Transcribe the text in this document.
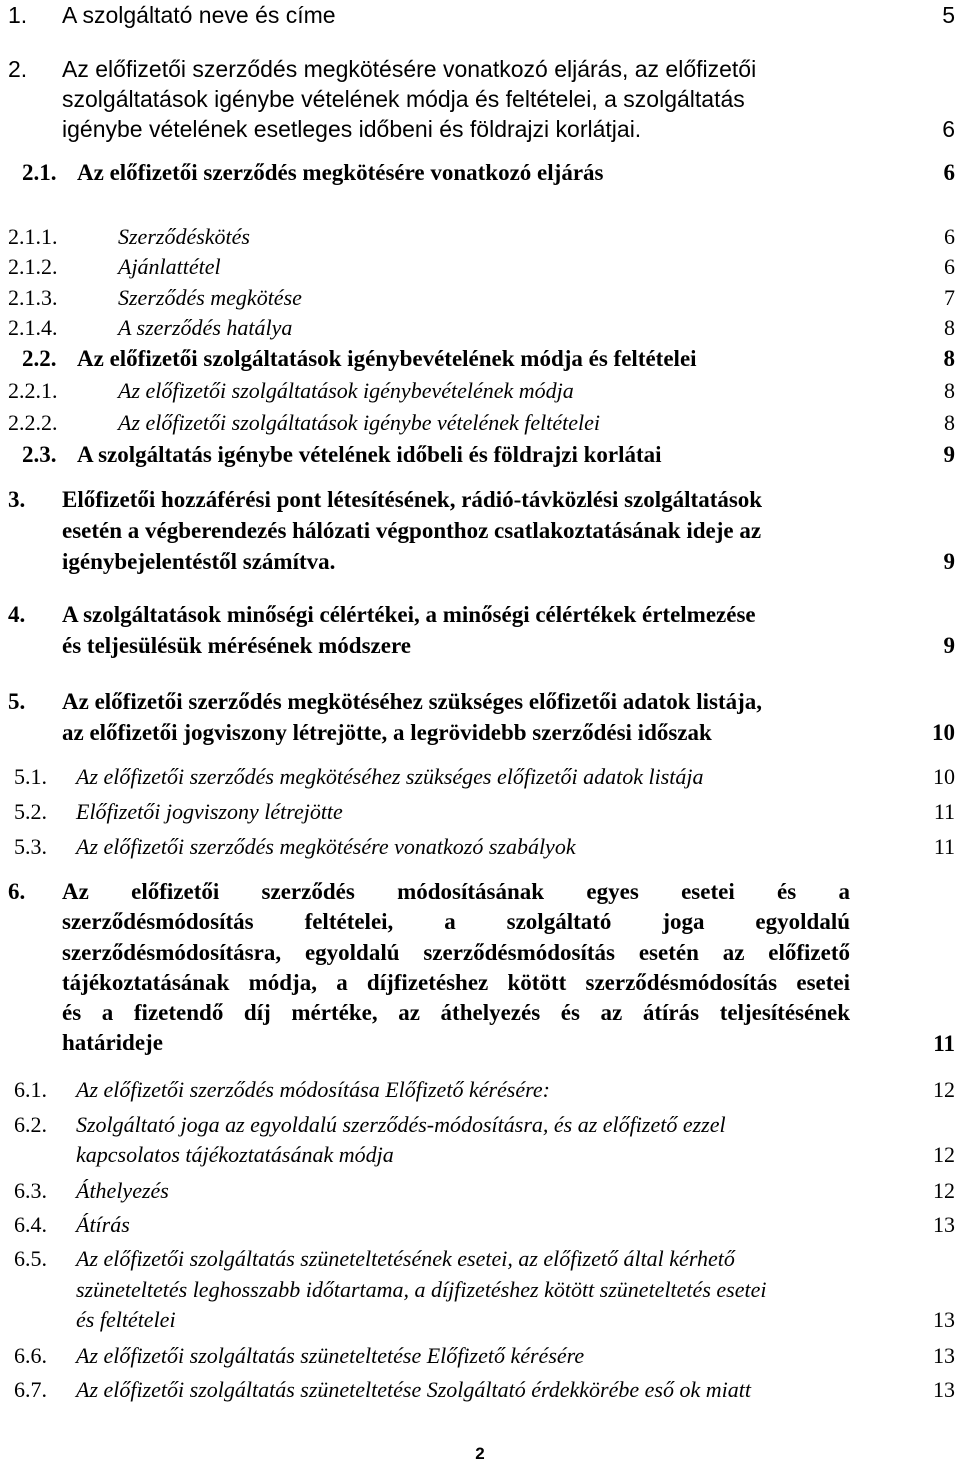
1. A szolgáltató neve és címe	5
2. Az előfizetői szerződés megkötésére vonatkozó eljárás, az előfizetői
szolgáltatások igénybe vételének módja és feltételei, a szolgáltatás
igénybe vételének esetleges időbeni és földrajzi korlátjai.	6
2.1. Az előfizetői szerződés megkötésére vonatkozó eljárás	6
2.1.1.	Szerződéskötés	6
2.1.2.	Ajánlattétel	6
2.1.3.	Szerződés megkötése	7
2.1.4.	A szerződés hatálya	8
2.2. Az előfizetői szolgáltatások igénybevételének módja és feltételei	8
2.2.1.	Az előfizetői szolgáltatások igénybevételének módja	8
2.2.2.	Az előfizetői szolgáltatások igénybe vételének feltételei	8
2.3. A szolgáltatás igénybe vételének időbeli és földrajzi korlátai	9
3. Előfizetői hozzáférési pont létesítésének, rádió-távközlési szolgáltatások
esetén a végberendezés hálózati végponthoz csatlakoztatásának ideje az
igénybejelentéstől számítva.	9
4. A szolgáltatások minőségi célértékei, a minőségi célértékek értelmezése
és teljesülésük mérésének módszere	9
5. Az előfizetői szerződés megkötéséhez szükséges előfizetői adatok listája,
az előfizetői jogviszony létrejötte, a legrövidebb szerződési időszak	10
5.1. Az előfizetői szerződés megkötéséhez szükséges előfizetői adatok listája	10
5.2. Előfizetői jogviszony létrejötte	11
5.3. Az előfizetői szerződés megkötésére vonatkozó szabályok	11
6. Az előfizetői szerződés módosításának egyes esetei és a
szerződésmódosítás feltételei, a szolgáltató joga egyoldalú
szerződésmódosításra, egyoldalú szerződésmódosítás esetén az előfizető
tájékoztatásának módja, a díjfizetéshez kötött szerződésmódosítás esetei
és a fizetendő díj mértéke, az áthelyezés és az átírás teljesítésének
határideje	11
6.1. Az előfizetői szerződés módosítása Előfizető kérésére:	12
6.2. Szolgáltató joga az egyoldalú szerződés-módosításra, és az előfizető ezzel
kapcsolatos tájékoztatásának módja	12
6.3. Áthelyezés	12
6.4. Átírás	13
6.5. Az előfizetői szolgáltatás szüneteltetésének esetei, az előfizető által kérhető
szüneteltetés leghosszabb időtartama, a díjfizetéshez kötött szüneteltetés esetei
és feltételei	13
6.6. Az előfizetői szolgáltatás szüneteltetése Előfizető kérésére	13
6.7. Az előfizetői szolgáltatás szüneteltetése Szolgáltató érdekkörébe eső ok miatt	13
2
